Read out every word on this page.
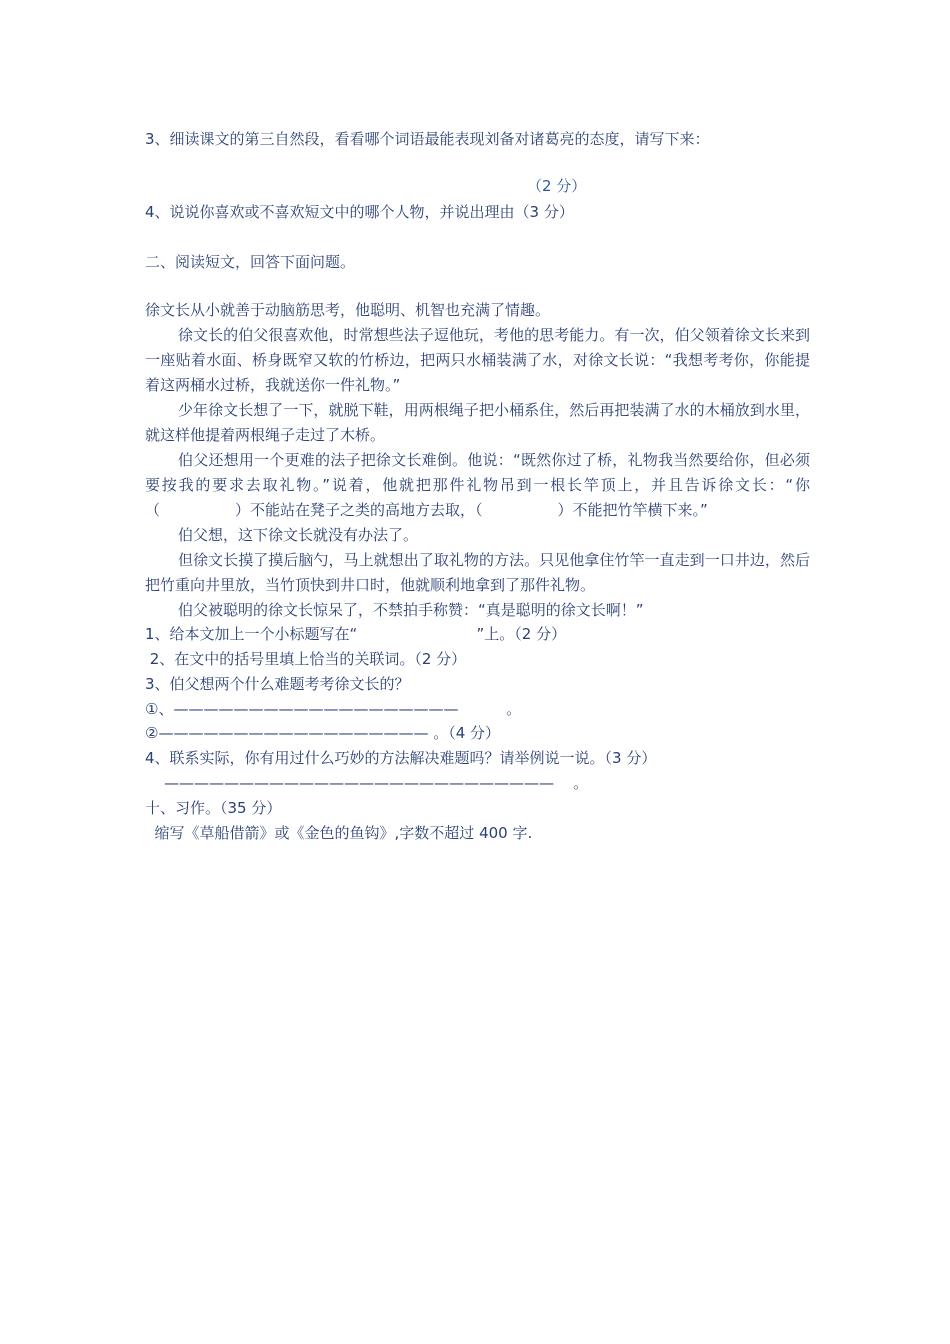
3、细读课文的第三自然段，看看哪个词语最能表现刘备对诸葛亮的态度，请写下来：
（2 分）
4、说说你喜欢或不喜欢短文中的哪个人物，并说出理由（3 分）
二、阅读短文，回答下面问题。
徐文长从小就善于动脑筋思考，他聪明、机智也充满了情趣。
徐文长的伯父很喜欢他，时常想些法子逗他玩，考他的思考能力。有一次，伯父领着徐文长来到一座贴着水面、桥身既窄又软的竹桥边，把两只水桶装满了水，对徐文长说：“我想考考你，你能提着这两桶水过桥，我就送你一件礼物。”
少年徐文长想了一下，就脱下鞋，用两根绳子把小桶系住，然后再把装满了水的木桶放到水里，就这样他提着两根绳子走过了木桥。
伯父还想用一个更难的法子把徐文长难倒。他说：“既然你过了桥，礼物我当然要给你，但必须要按我的要求去取礼物。”说着，他就把那件礼物吊到一根长竿顶上，并且告诉徐文长：“你（　　　　　）不能站在凳子之类的高地方去取，（　　　　　）不能把竹竿横下来。”
伯父想，这下徐文长就没有办法了。
但徐文长摸了摸后脑勺，马上就想出了取礼物的方法。只见他拿住竹竿一直走到一口井边，然后把竹重向井里放，当竹顶快到井口时，他就顺利地拿到了那件礼物。
伯父被聪明的徐文长惊呆了，不禁拍手称赞：“真是聪明的徐文长啊！”
1、给本文加上一个小标题写在“                         ”上。（2 分）
2、在文中的括号里填上恰当的关联词。（2 分）
3、伯父想两个什么难题考考徐文长的？
①、———————————————————          。
②—————————————————— 。（4 分）
4、联系实际，你有用过什么巧妙的方法解决难题吗？请举例说一说。（3 分）
——————————————————————————    。
十、习作。（35 分）
缩写《草船借箭》或《金色的鱼钩》,字数不超过 400 字.
